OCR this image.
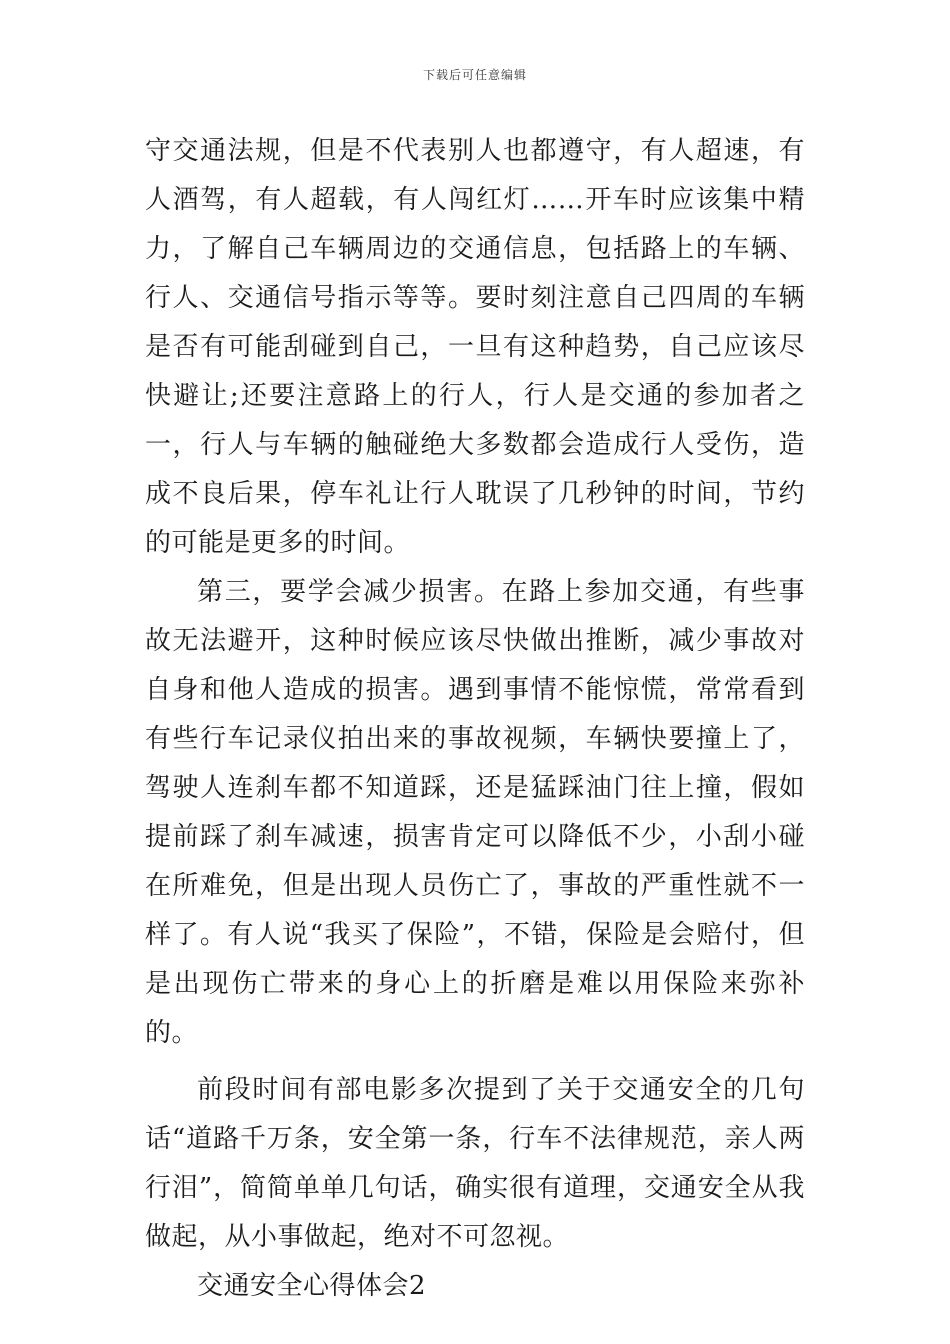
下载后可任意编辑

守交通法规，但是不代表别人也都遵守，有人超速，有人酒驾，有人超载，有人闯红灯……开车时应该集中精力，了解自己车辆周边的交通信息，包括路上的车辆、行人、交通信号指示等等。要时刻注意自己四周的车辆是否有可能刮碰到自己，一旦有这种趋势，自己应该尽快避让;还要注意路上的行人，行人是交通的参加者之一，行人与车辆的触碰绝大多数都会造成行人受伤，造成不良后果，停车礼让行人耽误了几秒钟的时间，节约的可能是更多的时间。

第三，要学会减少损害。在路上参加交通，有些事故无法避开，这种时候应该尽快做出推断，减少事故对自身和他人造成的损害。遇到事情不能惊慌，常常看到有些行车记录仪拍出来的事故视频，车辆快要撞上了，驾驶人连刹车都不知道踩，还是猛踩油门往上撞，假如提前踩了刹车减速，损害肯定可以降低不少，小刮小碰在所难免，但是出现人员伤亡了，事故的严重性就不一样了。有人说“我买了保险”，不错，保险是会赔付，但是出现伤亡带来的身心上的折磨是难以用保险来弥补的。

前段时间有部电影多次提到了关于交通安全的几句话“道路千万条，安全第一条，行车不法律规范，亲人两行泪”，简简单单几句话，确实很有道理，交通安全从我做起，从小事做起，绝对不可忽视。

交通安全心得体会2
